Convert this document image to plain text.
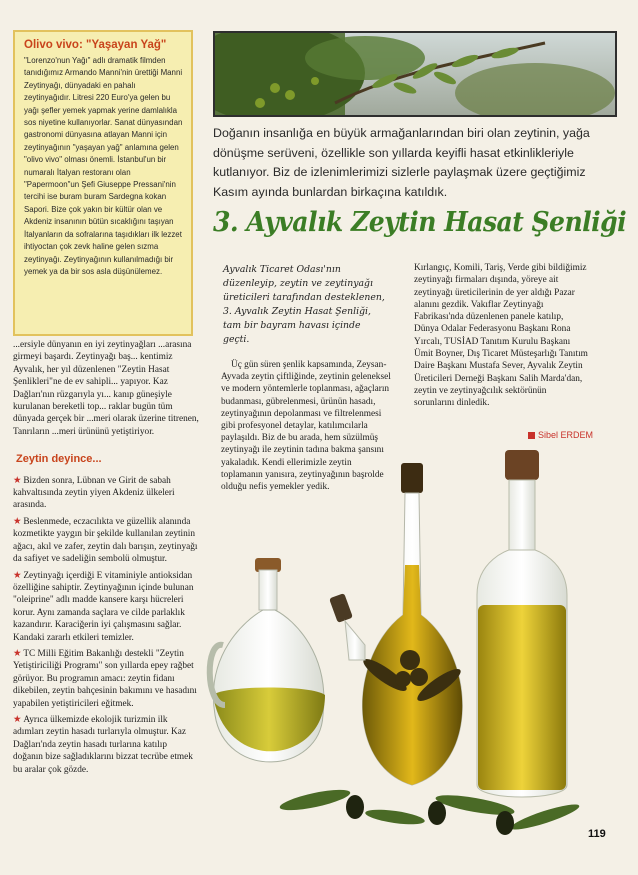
Olivo vivo: "Yaşayan Yağ"

"Lorenzo'nun Yağı" adlı dramatik filmden tanıdığımız Armando Manni'nin ürettiği Manni Zeytinyağı, dünyadaki en pahalı zeytinyağıdır. Litresi 220 Euro'ya gelen bu yağı şefler yemek yapmak yerine damlalıkla sos niyetine kullanıyorlar. Sanat dünyasından gastronomi dünyasına atlayan Manni için zeytinyağının "yaşayan yağ" anlamına gelen "olivo vivo" olması önemli. İstanbul'un bir numaralı İtalyan restoranı olan "Papermoon"un Şefi Giuseppe Pressani'nin tercihi ise buram buram Sardegna kokan Sapori. Bize çok yakın bir kültür olan ve Akdeniz insanının bütün sıcaklığını taşıyan İtalyanların da sofralarına taşıdıkları ilk lezzet ihtiyoctan çok zevk haline gelen sızma zeytinyağı. Zeytinyağının kullanılmadığı bir yemek ya da bir sos asla düşünülemez.

Doğanın insanlığa en büyük armağanlarından biri olan zeytinin, yağa dönüşme serüveni, özellikle son yıllarda keyifli hasat etkinlikleriyle kutlanıyor. Biz de izlenimlerimizi sizlerle paylaşmak üzere geçtiğimiz Kasım ayında bunlardan birkaçına katıldık.

3. Ayvalık Zeytin Hasat Şenliği

Ayvalık Ticaret Odası'nın düzenleyip, zeytin ve zeytinyağı üreticileri tarafından desteklenen, 3. Ayvalık Zeytin Hasat Şenliği, tam bir bayram havası içinde geçti.

Üç gün süren şenlik kapsamında, Zeysan-Ayvada zeytin çiftliğinde, zeytinin geleneksel ve modern yöntemlerle toplanması, ağaçların budanması, gübrelenmesi, ürünün hasadı, zeytinyağının depolanması ve filtrelenmesi gibi profesyonel detaylar, katılımcılarla paylaşıldı. Biz de bu arada, hem süzülmüş zeytinyağı ile zeytinin tadına bakma şansını yakaladık. Kendi ellerimizle zeytin toplamanın yanısıra, zeytinyağının başrolde olduğu nefis yemekler yedik.

Kırlangıç, Komili, Tariş, Verde gibi bildiğimiz zeytinyağı firmaları dışında, yöreye ait zeytinyağı üreticilerinin de yer aldığı Pazar alanını gezdik. Vakıflar Zeytinyağı Fabrikası'nda düzenlenen panele katılıp, Dünya Odalar Federasyonu Başkanı Rona Yırcalı, TUSİAD Tanıtım Kurulu Başkanı Ümit Boyner, Dış Ticaret Müsteşarlığı Tanıtım Daire Başkanı Mustafa Sever, Ayvalık Zeytin Üreticileri Derneği Başkanı Salih Marda'dan, zeytin ve zeytinyağcılık sektörünün sorunlarını dinledik.

Sibel ERDEM

...ersiyle dünyanın en iyi zeytinyağları ...arasına girmeyi başardı. Zeytinyağı baş... kentimiz Ayvalık, her yıl düzenlenen "Zeytin Hasat Şenlikleri"ne de ev sahipli... yapıyor. Kaz Dağları'nın rüzgarıyla yı... kanıp güneşiyle kurulanan bereketli top... raklar bugün tüm dünyada gerçek bir ...meri olarak üzerine titrenen, Tanrıların ...meri ürününü yetiştiriyor.

Zeytin deyince...

★ Bizden sonra, Lübnan ve Girit de sabah kahvaltısında zeytin yiyen Akdeniz ülkeleri arasında.

★ Beslenmede, eczacılıkta ve güzellik alanında kozmetikte yaygın bir şekilde kullanılan zeytinin ağacı, akıl ve zafer, zeytin dalı barışın, zeytinyağı da safiyet ve sadeliğin sembolü olmuştur.

★ Zeytinyağı içerdiği E vitaminiyle antioksidan özelliğine sahiptir. Zeytinyağının içinde bulunan "oleiprine" adlı madde kansere karşı hücreleri korur. Aynı zamanda saçlara ve cilde parlaklık kazandırır. Karaciğerin iyi çalışmasını sağlar. Kandaki zararlı etkileri temizler.

★ TC Milli Eğitim Bakanlığı destekli "Zeytin Yetiştiriciliği Programı" son yıllarda epey rağbet görüyor. Bu programın amacı: zeytin fidanı dikebilen, zeytin bahçesinin bakımını ve hasadını yapabilen yetiştiricileri eğitmek.

★ Ayrıca ülkemizde ekolojik turizmin ilk adımları zeytin hasadı turlarıyla olmuştur. Kaz Dağları'nda zeytin hasadı turlarına katılıp doğanın bize sağladıklarını bizzat tecrübe etmek bu aralar çok gözde.

119
